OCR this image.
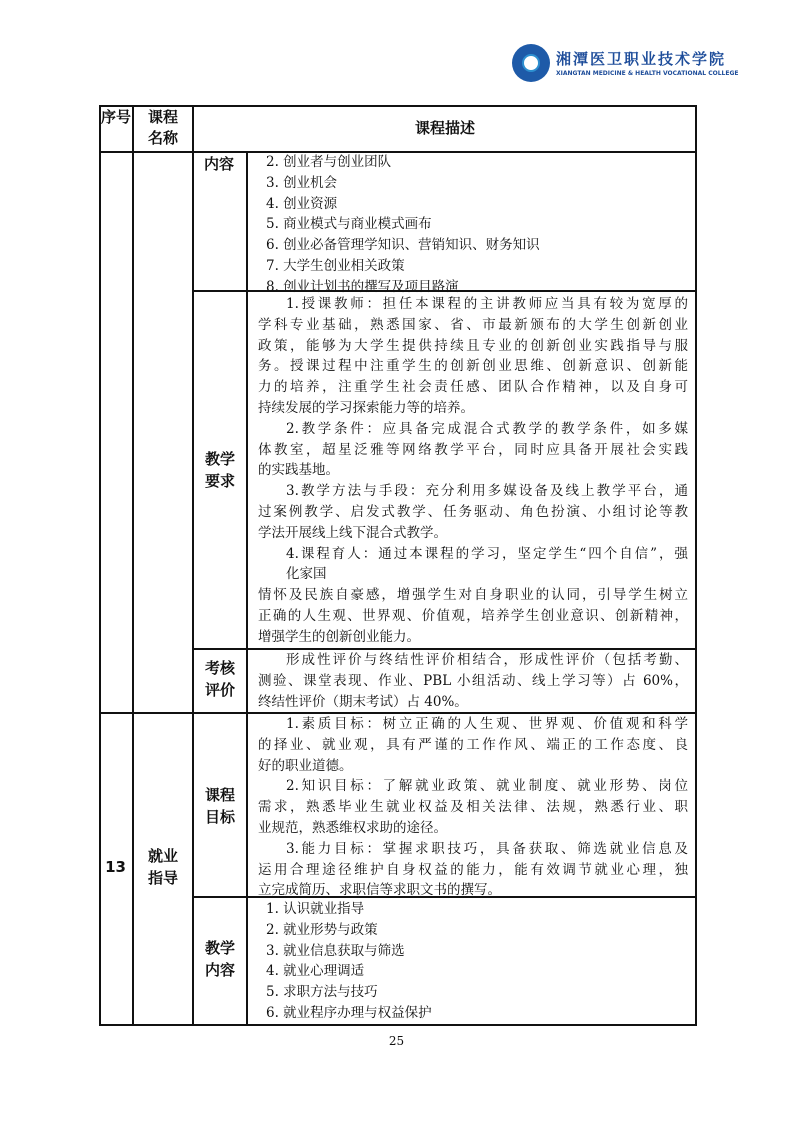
湘潭医卫职业技术学院
XIANGTAN MEDICINE & HEALTH VOCATIONAL COLLEGE
序号 课程名称
课程描述
内容	2. 创业者与创业团队
3. 创业机会
4. 创业资源
5. 商业模式与商业模式画布
6. 创业必备管理学知识、营销知识、财务知识
7. 大学生创业相关政策
8. 创业计划书的撰写及项目路演
教学要求
1.授课教师：担任本课程的主讲教师应当具有较为宽厚的
学科专业基础，熟悉国家、省、市最新颁布的大学生创新创业
政策，能够为大学生提供持续且专业的创新创业实践指导与服
务。授课过程中注重学生的创新创业思维、创新意识、创新能
力的培养，注重学生社会责任感、团队合作精神，以及自身可
持续发展的学习探索能力等的培养。
2.教学条件：应具备完成混合式教学的教学条件，如多媒
体教室，超星泛雅等网络教学平台，同时应具备开展社会实践
的实践基地。
3.教学方法与手段：充分利用多媒设备及线上教学平台，通
过案例教学、启发式教学、任务驱动、角色扮演、小组讨论等教
学法开展线上线下混合式教学。
4.课程育人：通过本课程的学习，坚定学生“四个自信”，强
化家国
情怀及民族自豪感，增强学生对自身职业的认同，引导学生树立
正确的人生观、世界观、价值观，培养学生创业意识、创新精神，
增强学生的创新创业能力。
考核评价
形成性评价与终结性评价相结合，形成性评价（包括考勤、
测验、课堂表现、作业、PBL 小组活动、线上学习等）占 60%，
终结性评价（期末考试）占 40%。
13
就业指导
课程目标
1.素质目标：树立正确的人生观、世界观、价值观和科学
的择业、就业观，具有严谨的工作作风、端正的工作态度、良
好的职业道德。
2.知识目标：了解就业政策、就业制度、就业形势、岗位
需求，熟悉毕业生就业权益及相关法律、法规，熟悉行业、职
业规范，熟悉维权求助的途径。
3.能力目标：掌握求职技巧，具备获取、筛选就业信息及
运用合理途径维护自身权益的能力，能有效调节就业心理，独
立完成简历、求职信等求职文书的撰写。
教学内容
1. 认识就业指导
2. 就业形势与政策
3. 就业信息获取与筛选
4. 就业心理调适
5. 求职方法与技巧
6. 就业程序办理与权益保护
25
